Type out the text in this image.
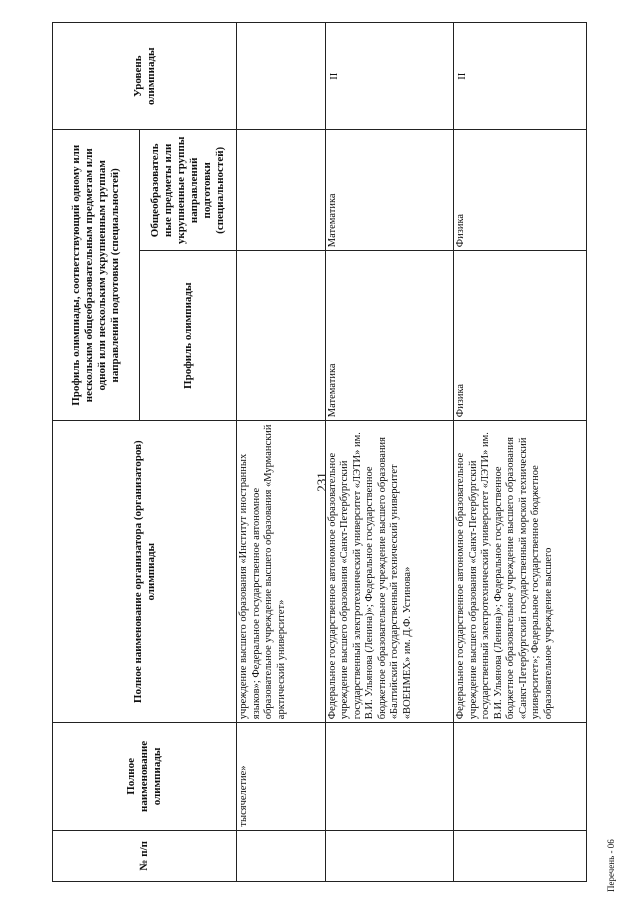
231
Перечень - 06
№ п/п	Полное наименование олимпиады	Полное наименование организатора (организаторов) олимпиады	Профиль олимпиады, соответствующий одному или нескольким общеобразовательным предметам или одной или нескольким укрупненным группам направлений подготовки (специальностей)		Уровень олимпиады
			Профиль олимпиады	Общеобразователь ные предметы или укрупненные группы направлений подготовки (специальностей)	
	тысячелетие»	учреждение высшего образования «Институт иностранных языков»; Федеральное государственное автономное образовательное учреждение высшего образования «Мурманский арктический университет»			
		Федеральное государственное автономное образовательное учреждение высшего образования «Санкт-Петербургский государственный электротехнический университет «ЛЭТИ» им. В.И. Ульянова (Ленина)»; Федеральное государственное бюджетное образовательное учреждение высшего образования «Балтийский государственный технический университет «ВОЕНМЕХ» им. Д.Ф. Устинова»	Математика	Математика	II
		Федеральное государственное автономное образовательное учреждение высшего образования «Санкт-Петербургский государственный электротехнический университет «ЛЭТИ» им. В.И. Ульянова (Ленина)»; Федеральное государственное бюджетное образовательное учреждение высшего образования «Санкт-Петербургский государственный морской технический университет»; Федеральное государственное бюджетное образовательное учреждение высшего	Физика	Физика	II
